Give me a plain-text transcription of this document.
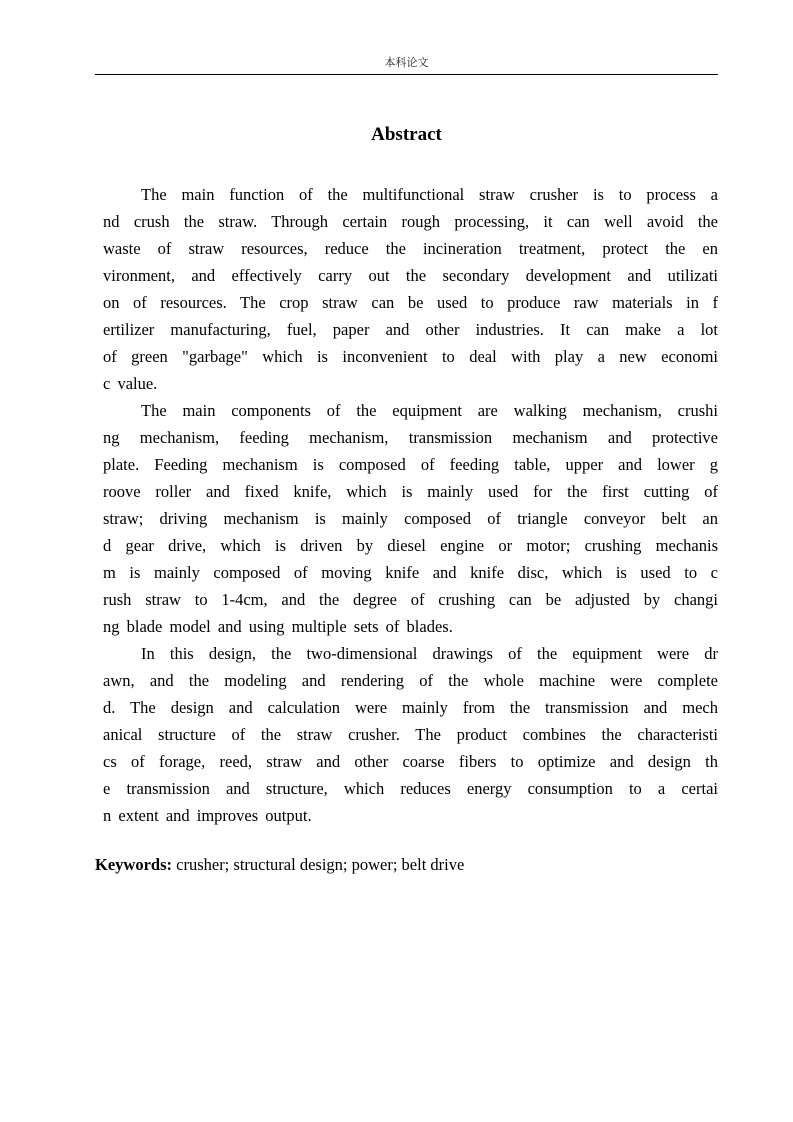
本科论文
Abstract
The main function of the multifunctional straw crusher is to process a
nd crush the straw. Through certain rough processing, it can well avoid the
waste of straw resources, reduce the incineration treatment, protect the en
vironment, and effectively carry out the secondary development and utilizati
on of resources. The crop straw can be used to produce raw materials in f
ertilizer manufacturing, fuel, paper and other industries. It can make a lot
of green "garbage" which is inconvenient to deal with play a new economi
c value.
The main components of the equipment are walking mechanism, crushi
ng mechanism, feeding mechanism, transmission mechanism and protective
plate. Feeding mechanism is composed of feeding table, upper and lower g
roove roller and fixed knife, which is mainly used for the first cutting of
straw; driving mechanism is mainly composed of triangle conveyor belt an
d gear drive, which is driven by diesel engine or motor; crushing mechanis
m is mainly composed of moving knife and knife disc, which is used to c
rush straw to 1-4cm, and the degree of crushing can be adjusted by changi
ng blade model and using multiple sets of blades.
In this design, the two-dimensional drawings of the equipment were dr
awn, and the modeling and rendering of the whole machine were complete
d. The design and calculation were mainly from the transmission and mech
anical structure of the straw crusher. The product combines the characteristi
cs of forage, reed, straw and other coarse fibers to optimize and design th
e transmission and structure, which reduces energy consumption to a certai
n extent and improves output.
Keywords: crusher; structural design; power; belt drive
